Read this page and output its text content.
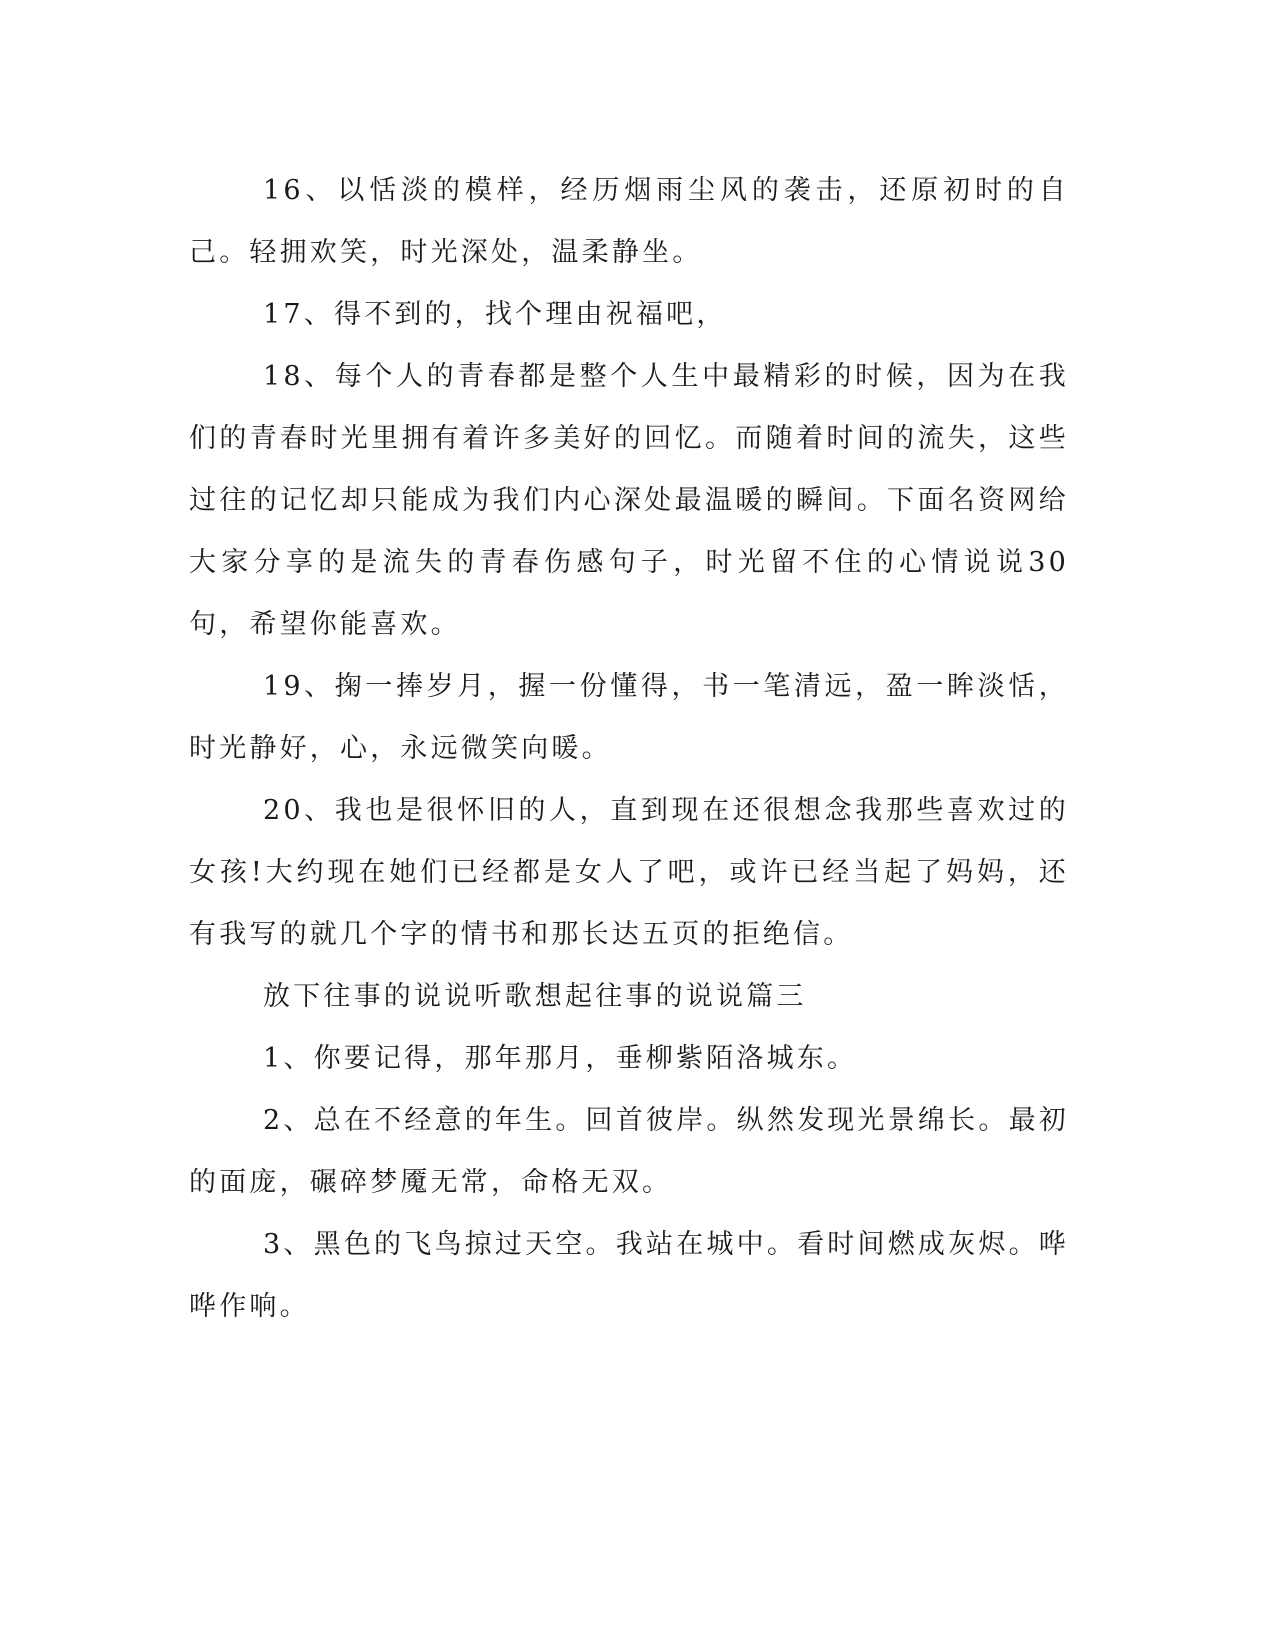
16、以恬淡的模样，经历烟雨尘风的袭击，还原初时的自己。轻拥欢笑，时光深处，温柔静坐。

17、得不到的，找个理由祝福吧，

18、每个人的青春都是整个人生中最精彩的时候，因为在我们的青春时光里拥有着许多美好的回忆。而随着时间的流失，这些过往的记忆却只能成为我们内心深处最温暖的瞬间。下面名资网给大家分享的是流失的青春伤感句子，时光留不住的心情说说30句，希望你能喜欢。

19、掬一捧岁月，握一份懂得，书一笔清远，盈一眸淡恬，时光静好，心，永远微笑向暖。

20、我也是很怀旧的人，直到现在还很想念我那些喜欢过的女孩!大约现在她们已经都是女人了吧，或许已经当起了妈妈，还有我写的就几个字的情书和那长达五页的拒绝信。

放下往事的说说听歌想起往事的说说篇三

1、你要记得，那年那月，垂柳紫陌洛城东。

2、总在不经意的年生。回首彼岸。纵然发现光景绵长。最初的面庞，碾碎梦魇无常，命格无双。

3、黑色的飞鸟掠过天空。我站在城中。看时间燃成灰烬。哗哗作响。
